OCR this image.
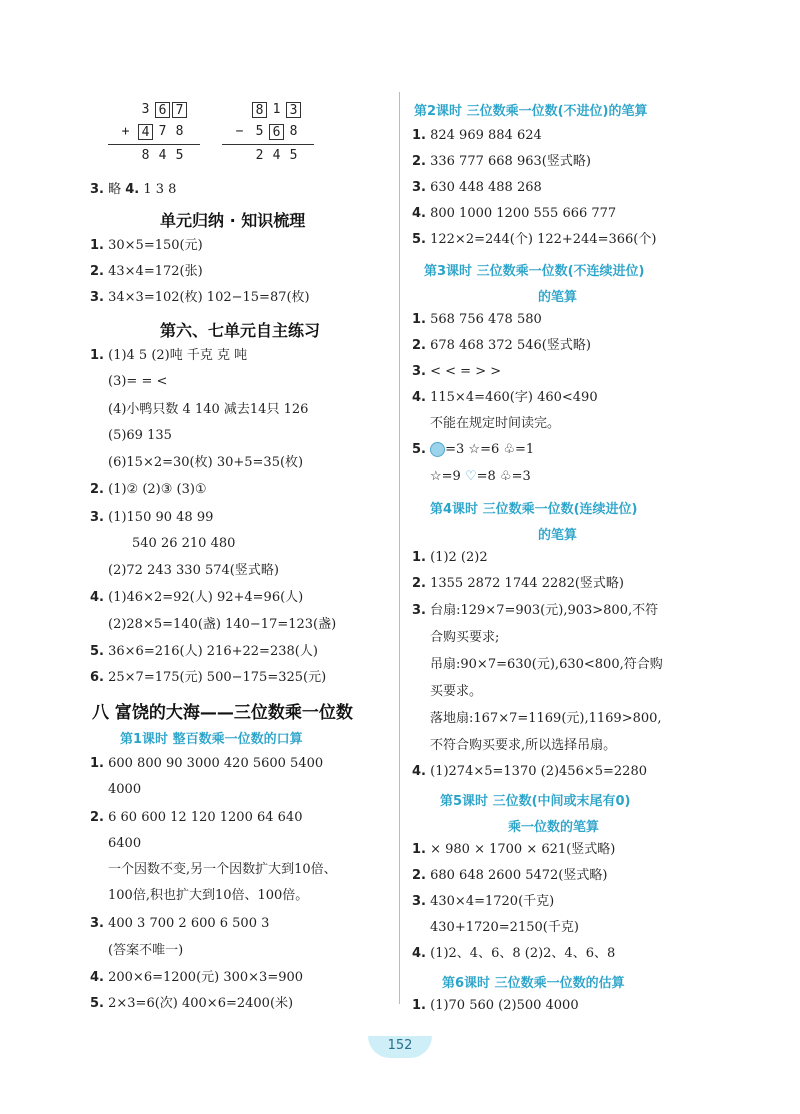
3 6 7
+ 4 7 8
8 4 5
8 1 3
− 5 6 8
2 4 5
3. 略 4. 1 3 8
单元归纳 · 知识梳理
1. 30×5=150(元)
2. 43×4=172(张)
3. 34×3=102(枚) 102−15=87(枚)
第六、七单元自主练习
1. (1)4 5 (2)吨 千克 克 吨
(3)= = <
(4)小鸭只数 4 140 减去14只 126
(5)69 135
(6)15×2=30(枚) 30+5=35(枚)
2. (1)② (2)③ (3)①
3. (1)150 90 48 99
540 26 210 480
(2)72 243 330 574(竖式略)
4. (1)46×2=92(人) 92+4=96(人)
(2)28×5=140(盏) 140−17=123(盏)
5. 36×6=216(人) 216+22=238(人)
6. 25×7=175(元) 500−175=325(元)
八 富饶的大海——三位数乘一位数
第1课时 整百数乘一位数的口算
1. 600 800 90 3000 420 5600 5400
4000
2. 6 60 600 12 120 1200 64 640
6400
一个因数不变,另一个因数扩大到10倍、
100倍,积也扩大到10倍、100倍。
3. 400 3 700 2 600 6 500 3
(答案不唯一)
4. 200×6=1200(元) 300×3=900
5. 2×3=6(次) 400×6=2400(米)
第2课时 三位数乘一位数(不进位)的笔算
1. 824 969 884 624
2. 336 777 668 963(竖式略)
3. 630 448 488 268
4. 800 1000 1200 555 666 777
5. 122×2=244(个) 122+244=366(个)
第3课时 三位数乘一位数(不连续进位)
的笔算
1. 568 756 478 580
2. 678 468 372 546(竖式略)
3. < < = > >
4. 115×4=460(字) 460<490
不能在规定时间读完。
5. =3 ☆=6 ♧=1
☆=9 ♡=8 ♧=3
第4课时 三位数乘一位数(连续进位)
的笔算
1. (1)2 (2)2
2. 1355 2872 1744 2282(竖式略)
3. 台扇:129×7=903(元),903>800,不符
合购买要求;
吊扇:90×7=630(元),630<800,符合购
买要求。
落地扇:167×7=1169(元),1169>800,
不符合购买要求,所以选择吊扇。
4. (1)274×5=1370 (2)456×5=2280
第5课时 三位数(中间或末尾有0)
乘一位数的笔算
1. × 980 × 1700 × 621(竖式略)
2. 680 648 2600 5472(竖式略)
3. 430×4=1720(千克)
430+1720=2150(千克)
4. (1)2、4、6、8 (2)2、4、6、8
第6课时 三位数乘一位数的估算
1. (1)70 560 (2)500 4000
152
